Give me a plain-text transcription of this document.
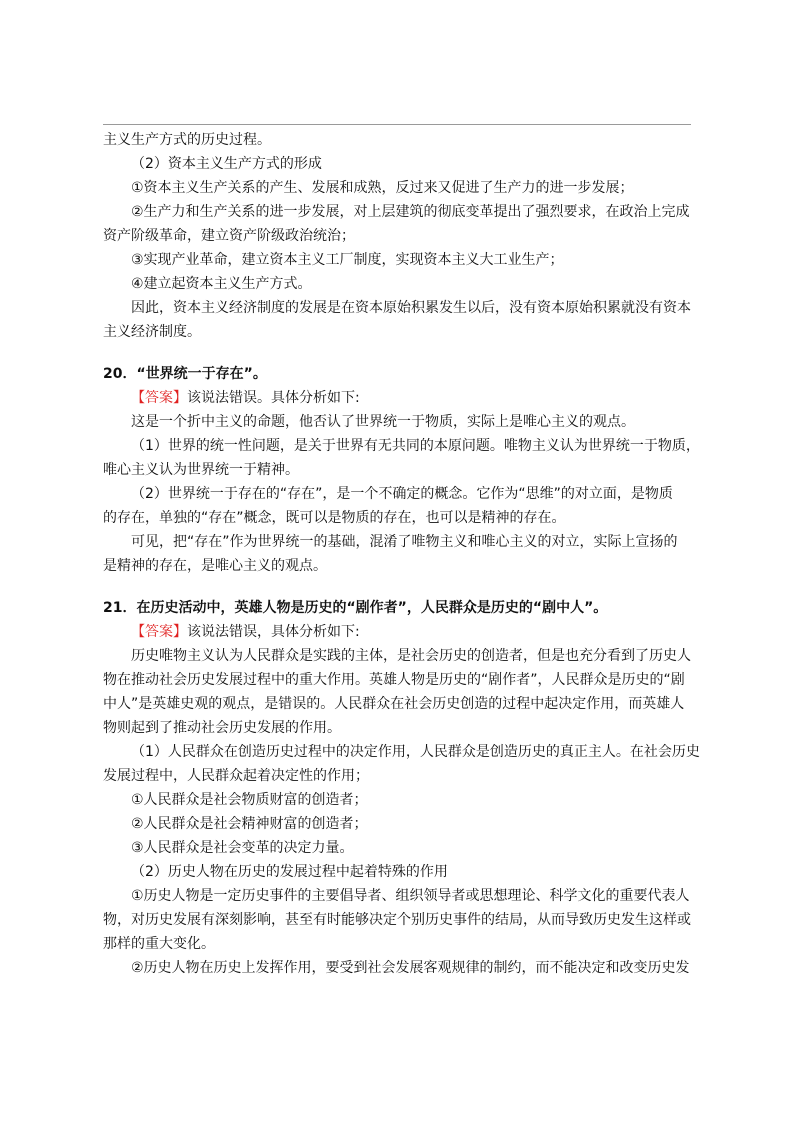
主义生产方式的历史过程。
（2）资本主义生产方式的形成
①资本主义生产关系的产生、发展和成熟，反过来又促进了生产力的进一步发展；
②生产力和生产关系的进一步发展，对上层建筑的彻底变革提出了强烈要求，在政治上完成
资产阶级革命，建立资产阶级政治统治；
③实现产业革命，建立资本主义工厂制度，实现资本主义大工业生产；
④建立起资本主义生产方式。
因此，资本主义经济制度的发展是在资本原始积累发生以后，没有资本原始积累就没有资本
主义经济制度。
20．“世界统一于存在”。
【答案】该说法错误。具体分析如下:
这是一个折中主义的命题，他否认了世界统一于物质，实际上是唯心主义的观点。
（1）世界的统一性问题，是关于世界有无共同的本原问题。唯物主义认为世界统一于物质，
唯心主义认为世界统一于精神。
（2）世界统一于存在的“存在”，是一个不确定的概念。它作为“思维”的对立面，是物质
的存在，单独的“存在”概念，既可以是物质的存在，也可以是精神的存在。
可见，把“存在”作为世界统一的基础，混淆了唯物主义和唯心主义的对立，实际上宣扬的
是精神的存在，是唯心主义的观点。
21．在历史活动中，英雄人物是历史的“剧作者”，人民群众是历史的“剧中人”。
【答案】该说法错误，具体分析如下:
历史唯物主义认为人民群众是实践的主体，是社会历史的创造者，但是也充分看到了历史人
物在推动社会历史发展过程中的重大作用。英雄人物是历史的“剧作者”，人民群众是历史的“剧
中人”是英雄史观的观点，是错误的。人民群众在社会历史创造的过程中起决定作用，而英雄人
物则起到了推动社会历史发展的作用。
（1）人民群众在创造历史过程中的决定作用，人民群众是创造历史的真正主人。在社会历史
发展过程中，人民群众起着决定性的作用；
①人民群众是社会物质财富的创造者；
②人民群众是社会精神财富的创造者；
③人民群众是社会变革的决定力量。
（2）历史人物在历史的发展过程中起着特殊的作用
①历史人物是一定历史事件的主要倡导者、组织领导者或思想理论、科学文化的重要代表人
物，对历史发展有深刻影响，甚至有时能够决定个别历史事件的结局，从而导致历史发生这样或
那样的重大变化。
②历史人物在历史上发挥作用，要受到社会发展客观规律的制约，而不能决定和改变历史发
